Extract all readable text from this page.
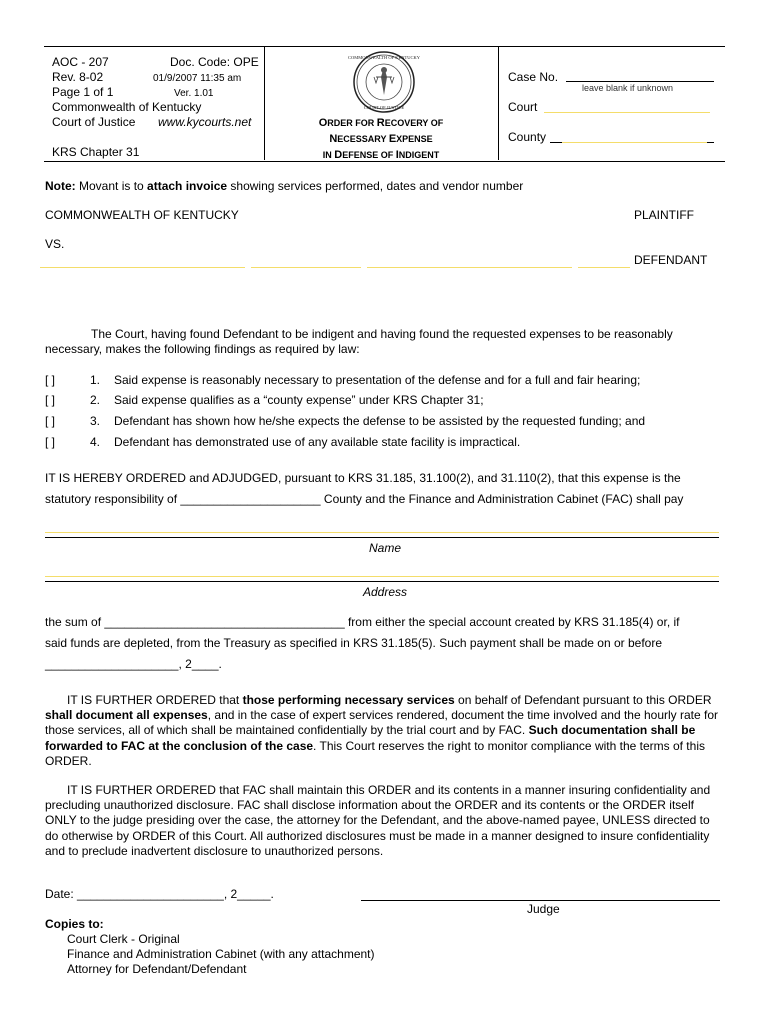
AOC - 207	Doc. Code: OPE
Rev. 8-02	01/9/2007 11:35 am
Page 1 of 1	Ver. 1.01
Commonwealth of Kentucky
Court of Justice www.kycourts.net
KRS Chapter 31
COMMONWEALTH OF KENTUCKY
COURT OF JUSTICE
ORDER FOR RECOVERY OF
NECESSARY EXPENSE
IN DEFENSE OF INDIGENT
Case No.
leave blank if unknown
Court
County
Note: Movant is to attach invoice showing services performed, dates and vendor number
COMMONWEALTH OF KENTUCKY	PLAINTIFF
VS.
DEFENDANT
The Court, having found Defendant to be indigent and having found the requested expenses to be reasonably necessary, makes the following findings as required by law:
[ ]	1. Said expense is reasonably necessary to presentation of the defense and for a full and fair hearing;
[ ]	2. Said expense qualifies as a “county expense” under KRS Chapter 31;
[ ]	3. Defendant has shown how he/she expects the defense to be assisted by the requested funding; and
[ ]	4. Defendant has demonstrated use of any available state facility is impractical.
IT IS HEREBY ORDERED and ADJUDGED, pursuant to KRS 31.185, 31.100(2), and 31.110(2), that this expense is the
statutory responsibility of _____________________ County and the Finance and Administration Cabinet (FAC) shall pay
Name
Address
the sum of ____________________________________ from either the special account created by KRS 31.185(4) or, if
said funds are depleted, from the Treasury as specified in KRS 31.185(5). Such payment shall be made on or before
____________________, 2____.
IT IS FURTHER ORDERED that those performing necessary services on behalf of Defendant pursuant to this ORDER shall document all expenses, and in the case of expert services rendered, document the time involved and the hourly rate for those services, all of which shall be maintained confidentially by the trial court and by FAC. Such documentation shall be forwarded to FAC at the conclusion of the case. This Court reserves the right to monitor compliance with the terms of this ORDER.
IT IS FURTHER ORDERED that FAC shall maintain this ORDER and its contents in a manner insuring confidentiality and precluding unauthorized disclosure. FAC shall disclose information about the ORDER and its contents or the ORDER itself ONLY to the judge presiding over the case, the attorney for the Defendant, and the above-named payee, UNLESS directed to do otherwise by ORDER of this Court. All authorized disclosures must be made in a manner designed to insure confidentiality and to preclude inadvertent disclosure to unauthorized persons.
Date: ______________________, 2_____.
Judge
Copies to:
Court Clerk - Original
Finance and Administration Cabinet (with any attachment)
Attorney for Defendant/Defendant
